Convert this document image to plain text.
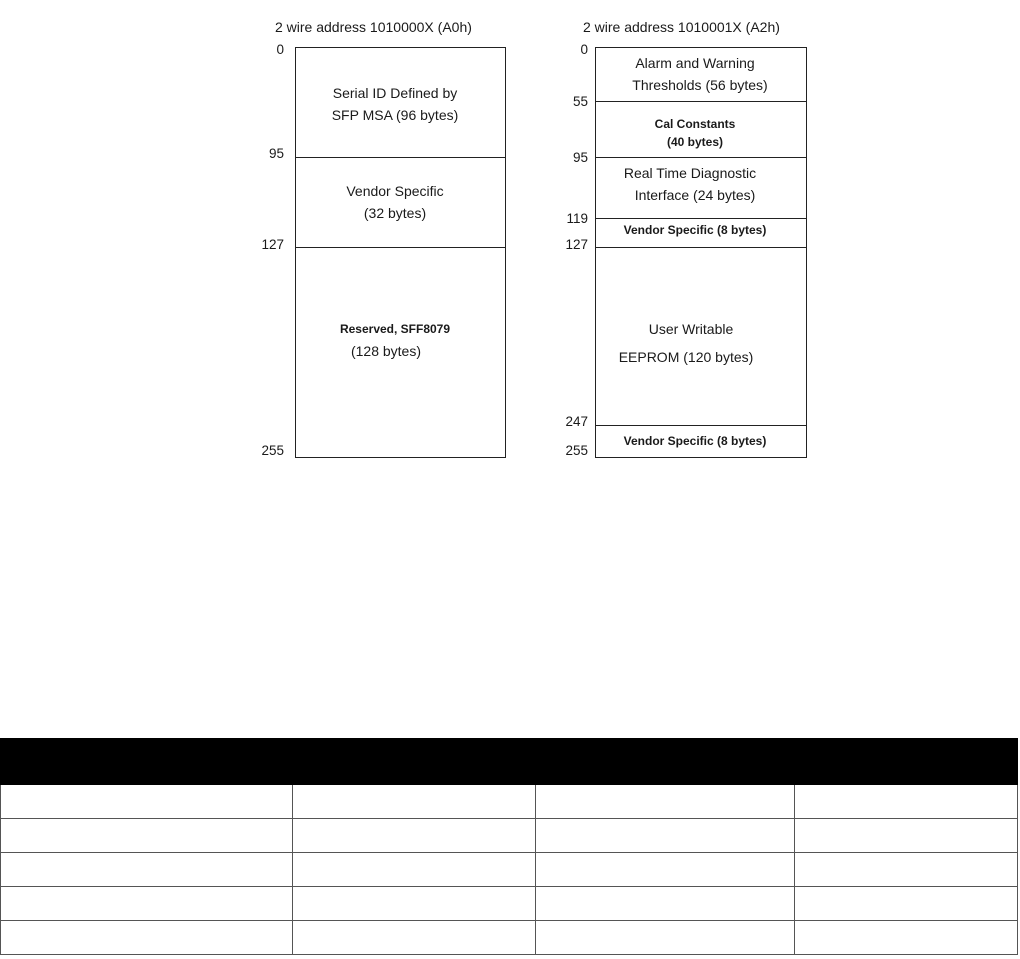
2 wire address 1010000X (A0h)
0
95
127
255
Serial ID Defined by
SFP MSA (96 bytes)
Vendor Specific
(32 bytes)
Reserved, SFF8079
(128 bytes)
2 wire address 1010001X (A2h)
0
55
95
119
127
247
255
Alarm and Warning
Thresholds (56 bytes)
Cal Constants
(40 bytes)
Real Time Diagnostic
Interface (24 bytes)
Vendor Specific (8 bytes)
User Writable
EEPROM (120 bytes)
Vendor Specific (8 bytes)
